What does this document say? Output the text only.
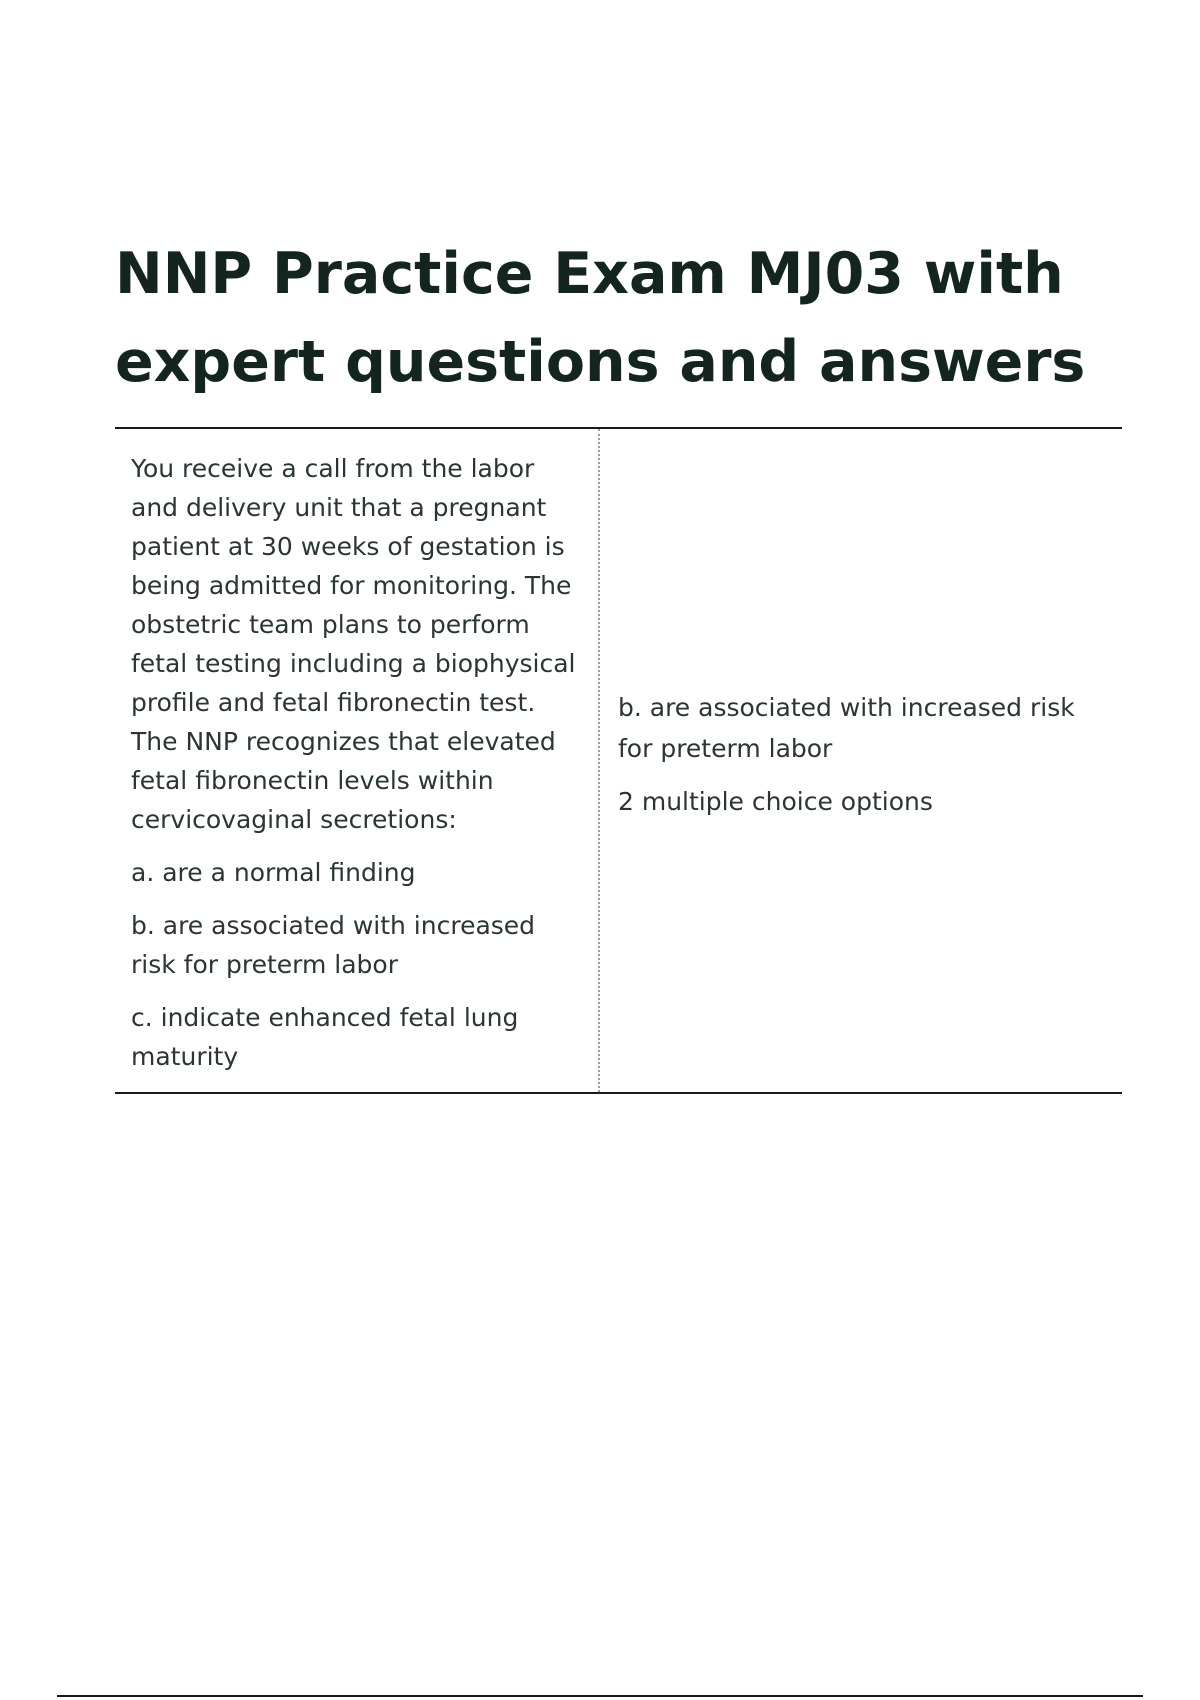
NNP Practice Exam MJ03 with expert questions and answers

You receive a call from the labor and delivery unit that a pregnant patient at 30 weeks of gestation is being admitted for monitoring. The obstetric team plans to perform fetal testing including a biophysical profile and fetal fibronectin test. The NNP recognizes that elevated fetal fibronectin levels within cervicovaginal secretions:

a. are a normal finding

b. are associated with increased risk for preterm labor

c. indicate enhanced fetal lung maturity

b. are associated with increased risk for preterm labor

2 multiple choice options
